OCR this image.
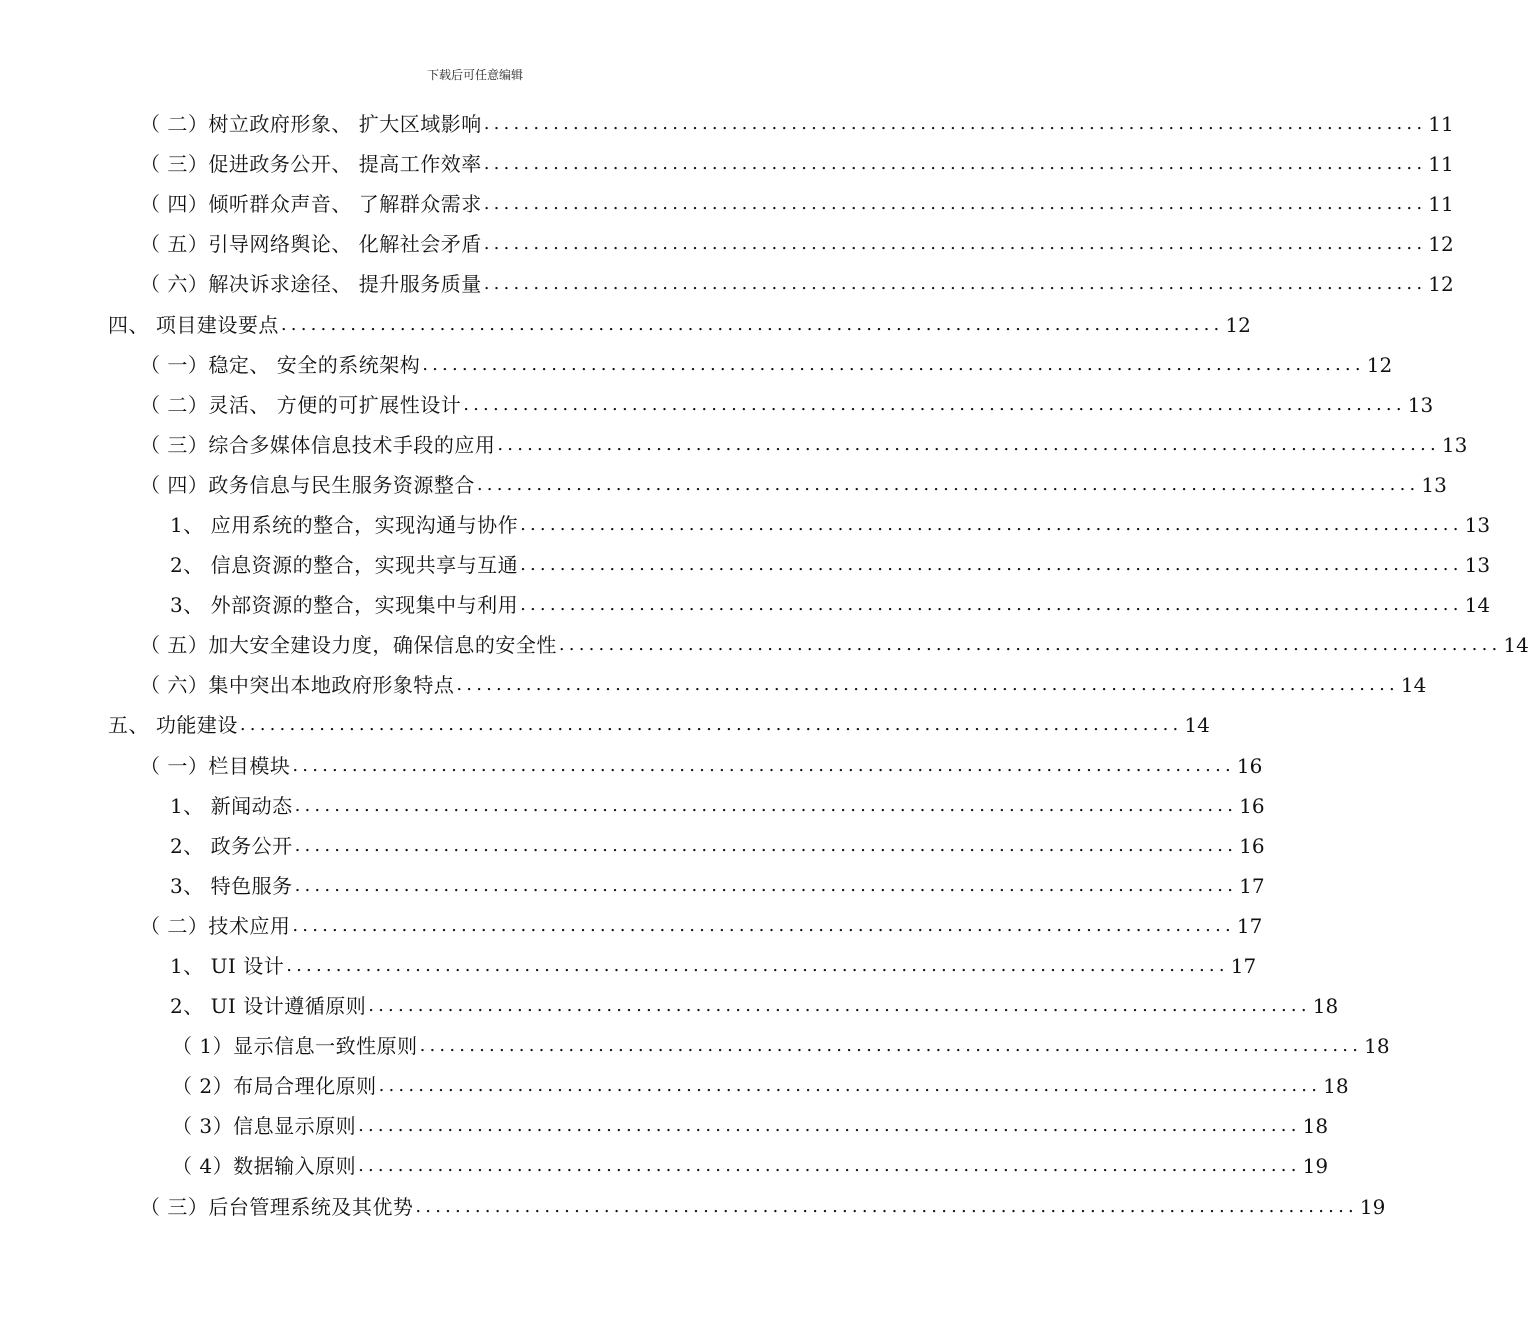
下载后可任意编辑
（ 二）树立政府形象、 扩大区域影响 ............................................................................................... 11
（ 三）促进政务公开、 提高工作效率 ............................................................................................... 11
（ 四）倾听群众声音、 了解群众需求 ............................................................................................... 11
（ 五）引导网络舆论、 化解社会矛盾 ............................................................................................... 12
（ 六）解决诉求途径、 提升服务质量 ............................................................................................... 12
四、 项目建设要点 ............................................................................................... 12
（ 一）稳定、 安全的系统架构 ............................................................................................... 12
（ 二）灵活、 方便的可扩展性设计 ............................................................................................... 13
（ 三）综合多媒体信息技术手段的应用 ............................................................................................... 13
（ 四）政务信息与民生服务资源整合 ............................................................................................... 13
1、 应用系统的整合，实现沟通与协作 ............................................................................................... 13
2、 信息资源的整合，实现共享与互通 ............................................................................................... 13
3、 外部资源的整合，实现集中与利用 ............................................................................................... 14
（ 五）加大安全建设力度，确保信息的安全性 ............................................................................................... 14
（ 六）集中突出本地政府形象特点 ............................................................................................... 14
五、 功能建设 ............................................................................................... 14
（ 一）栏目模块 ............................................................................................... 16
1、 新闻动态 ............................................................................................... 16
2、 政务公开 ............................................................................................... 16
3、 特色服务 ............................................................................................... 17
（ 二）技术应用 ............................................................................................... 17
1、 UI 设计 ............................................................................................... 17
2、 UI 设计遵循原则 ............................................................................................... 18
（ 1）显示信息一致性原则 ............................................................................................... 18
（ 2）布局合理化原则 ............................................................................................... 18
（ 3）信息显示原则 ............................................................................................... 18
（ 4）数据输入原则 ............................................................................................... 19
（ 三）后台管理系统及其优势 ............................................................................................... 19
